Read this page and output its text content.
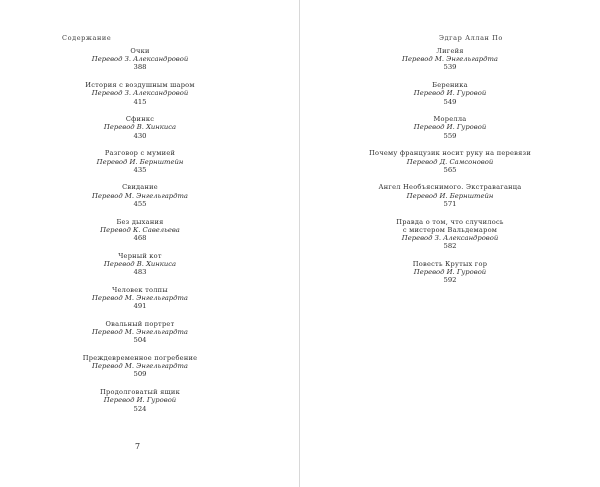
Содержание
Очки
Перевод З. Александровой
388
История с воздушным шаром
Перевод З. Александровой
415
Сфинкс
Перевод В. Хинкиса
430
Разговор с мумией
Перевод И. Бернштейн
435
Свидание
Перевод М. Энгельгардта
455
Без дыхания
Перевод К. Савельева
468
Черный кот
Перевод В. Хинкиса
483
Человек толпы
Перевод М. Энгельгардта
491
Овальный портрет
Перевод М. Энгельгардта
504
Преждевременное погребение
Перевод М. Энгельгардта
509
Продолговатый ящик
Перевод И. Гуровой
524
7
Эдгар Аллан По
Лигейя
Перевод М. Энгельгардта
539
Береника
Перевод И. Гуровой
549
Морелла
Перевод И. Гуровой
559
Почему французик носит руку на перевязи
Перевод Д. Самсоновой
565
Ангел Необъяснимого. Экстраваганца
Перевод И. Бернштейн
571
Правда о том, что случилось
с мистером Вальдемаром
Перевод З. Александровой
582
Повесть Крутых гор
Перевод И. Гуровой
592
